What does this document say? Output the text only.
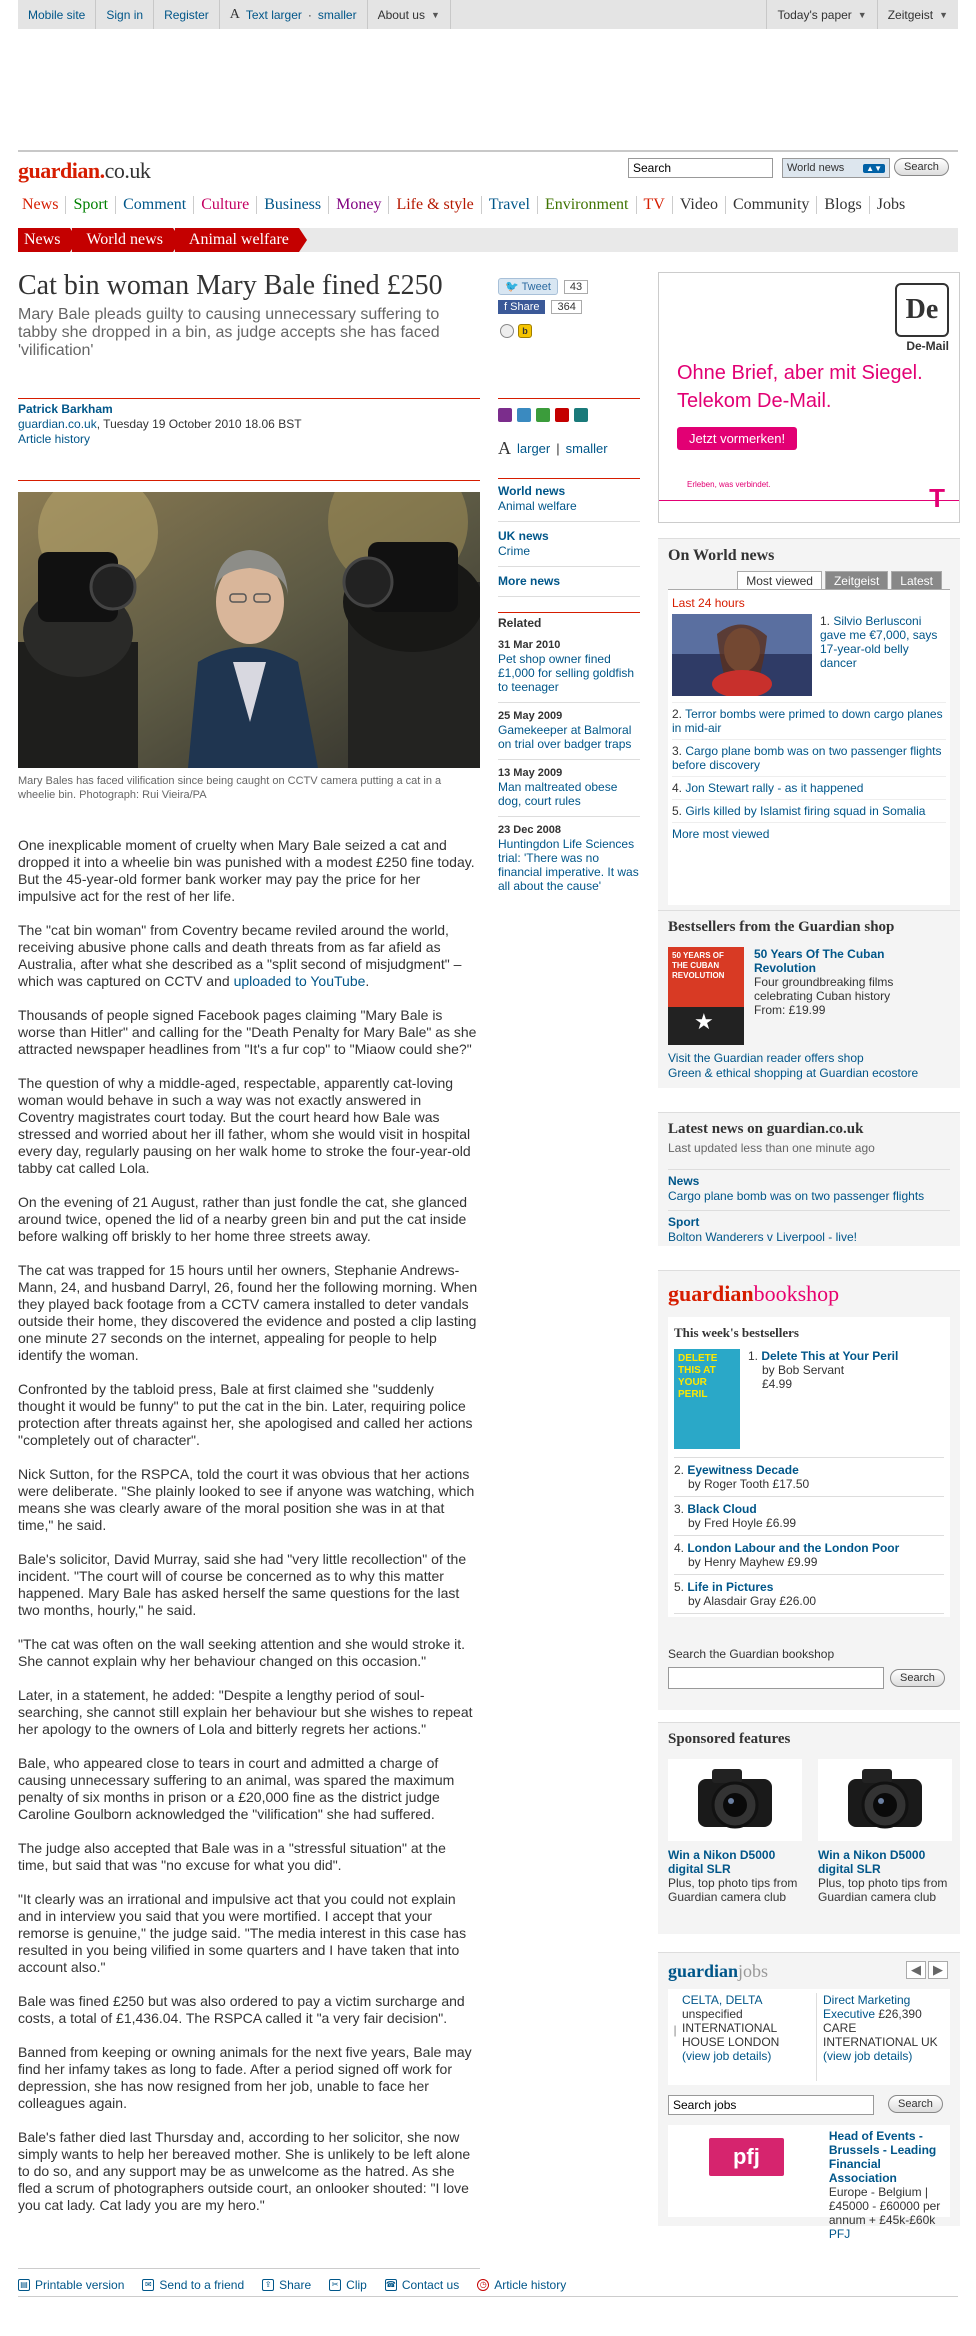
Mobile site	Sign in	Register	A Text larger · smaller About us ▼	Today's paper ▼ Zeitgeist ▼
guardian.co.uk
Search	World news	▲▼	Search
News Sport Comment Culture Business Money Life & style Travel Environment TV Video Community Blogs Jobs
News	World news	Animal welfare
Cat bin woman Mary Bale fined £250
Mary Bale pleads guilty to causing unnecessary suffering to tabby she dropped in a bin, as judge accepts she has faced 'vilification'
Patrick Barkham
guardian.co.uk, Tuesday 19 October 2010 18.06 BST
Article history
Mary Bales has faced vilification since being caught on CCTV camera putting a cat in a wheelie bin. Photograph: Rui Vieira/PA

One inexplicable moment of cruelty when Mary Bale seized a cat and dropped it into a wheelie bin was punished with a modest £250 fine today. But the 45-year-old former bank worker may pay the price for her impulsive act for the rest of her life.

The "cat bin woman" from Coventry became reviled around the world, receiving abusive phone calls and death threats from as far afield as Australia, after what she described as a "split second of misjudgment" – which was captured on CCTV and uploaded to YouTube.

Thousands of people signed Facebook pages claiming "Mary Bale is worse than Hitler" and calling for the "Death Penalty for Mary Bale" as she attracted newspaper headlines from "It's a fur cop" to "Miaow could she?"

The question of why a middle-aged, respectable, apparently cat-loving woman would behave in such a way was not exactly answered in Coventry magistrates court today. But the court heard how Bale was stressed and worried about her ill father, whom she would visit in hospital every day, regularly pausing on her walk home to stroke the four-year-old tabby cat called Lola.

On the evening of 21 August, rather than just fondle the cat, she glanced around twice, opened the lid of a nearby green bin and put the cat inside before walking off briskly to her home three streets away.

The cat was trapped for 15 hours until her owners, Stephanie Andrews-Mann, 24, and husband Darryl, 26, found her the following morning. When they played back footage from a CCTV camera installed to deter vandals outside their home, they discovered the evidence and posted a clip lasting one minute 27 seconds on the internet, appealing for people to help identify the woman.

Confronted by the tabloid press, Bale at first claimed she "suddenly thought it would be funny" to put the cat in the bin. Later, requiring police protection after threats against her, she apologised and called her actions "completely out of character".

Nick Sutton, for the RSPCA, told the court it was obvious that her actions were deliberate. "She plainly looked to see if anyone was watching, which means she was clearly aware of the moral position she was in at that time," he said.

Bale's solicitor, David Murray, said she had "very little recollection" of the incident. "The court will of course be concerned as to why this matter happened. Mary Bale has asked herself the same questions for the last two months, hourly," he said.

"The cat was often on the wall seeking attention and she would stroke it. She cannot explain why her behaviour changed on this occasion."

Later, in a statement, he added: "Despite a lengthy period of soul-searching, she cannot still explain her behaviour but she wishes to repeat her apology to the owners of Lola and bitterly regrets her actions."

Bale, who appeared close to tears in court and admitted a charge of causing unnecessary suffering to an animal, was spared the maximum penalty of six months in prison or a £20,000 fine as the district judge Caroline Goulborn acknowledged the "vilification" she had suffered.

The judge also accepted that Bale was in a "stressful situation" at the time, but said that was "no excuse for what you did".

"It clearly was an irrational and impulsive act that you could not explain and in interview you said that you were mortified. I accept that your remorse is genuine," the judge said. "The media interest in this case has resulted in you being vilified in some quarters and I have taken that into account also."

Bale was fined £250 but was also ordered to pay a victim surcharge and costs, a total of £1,436.04. The RSPCA called it "a very fair decision".

Banned from keeping or owning animals for the next five years, Bale may find her infamy takes as long to fade. After a period signed off work for depression, she has now resigned from her job, unable to face her colleagues again.

Bale's father died last Thursday and, according to her solicitor, she now simply wants to help her bereaved mother. She is unlikely to be left alone to do so, and any support may be as unwelcome as the hatred. As she fled a scrum of photographers outside court, an onlooker shouted: "I love you cat lady. Cat lady you are my hero."

▤ Printable version	✉ Send to a friend	⇪ Share	✂ Clip ☎ Contact us	◷ Article history
🐦 Tweet	43
f Share	364
b
A larger | smaller
World news
Animal welfare
UK news
Crime
More news
Related
31 Mar 2010
Pet shop owner fined £1,000 for selling goldfish to teenager
25 May 2009
Gamekeeper at Balmoral on trial over badger traps
13 May 2009
Man maltreated obese dog, court rules
23 Dec 2008
Huntingdon Life Sciences trial: 'There was no financial imperative. It was all about the cause'
De
De-Mail
Ohne Brief, aber mit Siegel.
Telekom De-Mail.
Jetzt vormerken!
Erleben, was verbindet.	T
On World news
Most viewed	Zeitgeist	Latest
Last 24 hours
1. Silvio Berlusconi gave me €7,000, says 17-year-old belly dancer
2. Terror bombs were primed to down cargo planes in mid-air
3. Cargo plane bomb was on two passenger flights before discovery
4. Jon Stewart rally - as it happened
5. Girls killed by Islamist firing squad in Somalia
More most viewed
Bestsellers from the Guardian shop
50 YEARS OF THE CUBAN REVOLUTION
★
50 Years Of The Cuban Revolution
Four groundbreaking films celebrating Cuban history
From: £19.99
Visit the Guardian reader offers shop
Green & ethical shopping at Guardian ecostore
Latest news on guardian.co.uk
Last updated less than one minute ago
News
Cargo plane bomb was on two passenger flights
Sport
Bolton Wanderers v Liverpool - live!
guardianbookshop
This week's bestsellers
DELETE THIS AT YOUR PERIL
1. Delete This at Your Peril
by Bob Servant
£4.99
2. Eyewitness Decade
by Roger Tooth £17.50
3. Black Cloud
by Fred Hoyle £6.99
4. London Labour and the London Poor
by Henry Mayhew £9.99
5. Life in Pictures
by Alasdair Gray £26.00
Search the Guardian bookshop
Search
Sponsored features
Win a Nikon D5000 digital SLR
Plus, top photo tips from Guardian camera club
Win a Nikon D5000 digital SLR
Plus, top photo tips from Guardian camera club
guardianjobs	◀ ▶
|
CELTA, DELTA
unspecified
INTERNATIONAL HOUSE LONDON
(view job details)
Direct Marketing Executive £26,390
CARE INTERNATIONAL UK
(view job details)
Search jobs
Search
pfj
Head of Events - Brussels - Leading Financial Association
Europe - Belgium | £45000 - £60000 per annum + £45k-£60k
PFJ
